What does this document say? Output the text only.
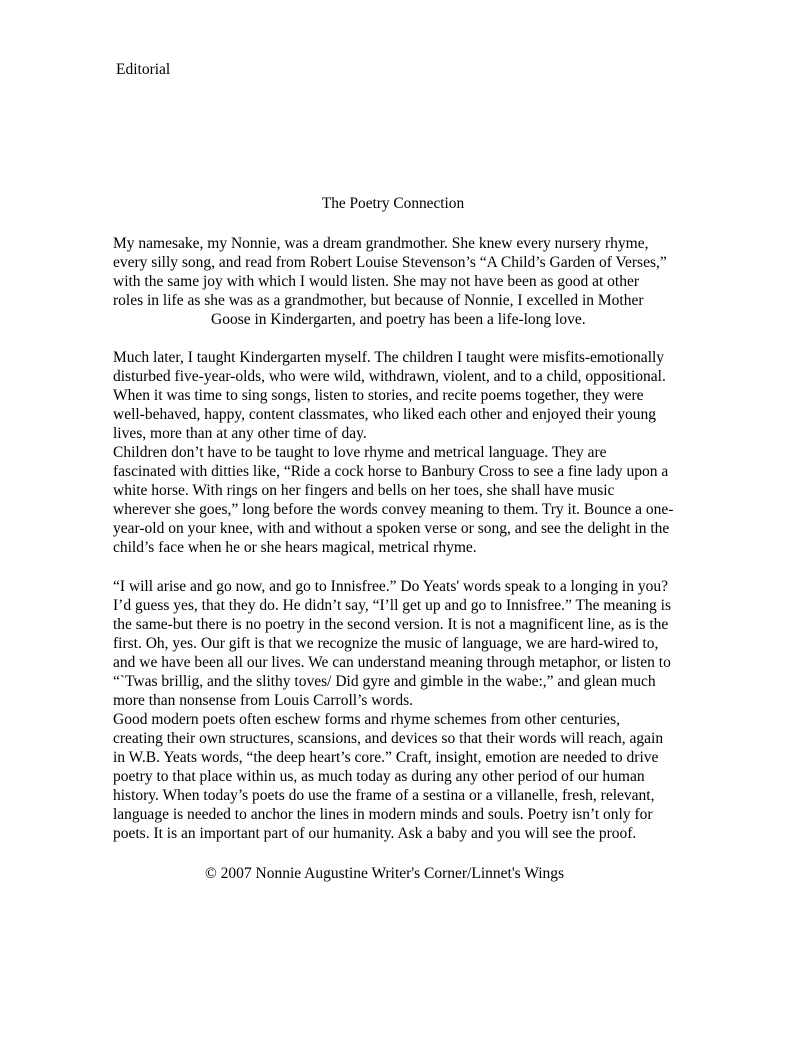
Editorial
The Poetry Connection
My namesake, my Nonnie, was a dream grandmother. She knew every nursery rhyme,
every silly song, and read from Robert Louise Stevenson’s “A Child’s Garden of Verses,”
with the same joy with which I would listen. She may not have been as good at other
roles in life as she was as a grandmother, but because of Nonnie, I excelled in Mother
Goose in Kindergarten, and poetry has been a life-long love.
Much later, I taught Kindergarten myself. The children I taught were misfits-emotionally
disturbed five-year-olds, who were wild, withdrawn, violent, and to a child, oppositional.
When it was time to sing songs, listen to stories, and recite poems together, they were
well-behaved, happy, content classmates, who liked each other and enjoyed their young
lives, more than at any other time of day.
Children don’t have to be taught to love rhyme and metrical language. They are
fascinated with ditties like, “Ride a cock horse to Banbury Cross to see a fine lady upon a
white horse. With rings on her fingers and bells on her toes, she shall have music
wherever she goes,” long before the words convey meaning to them. Try it. Bounce a one-
year-old on your knee, with and without a spoken verse or song, and see the delight in the
child’s face when he or she hears magical, metrical rhyme.
“I will arise and go now, and go to Innisfree.” Do Yeats' words speak to a longing in you?
I’d guess yes, that they do. He didn’t say, “I’ll get up and go to Innisfree.” The meaning is
the same-but there is no poetry in the second version. It is not a magnificent line, as is the
first. Oh, yes. Our gift is that we recognize the music of language, we are hard-wired to,
and we have been all our lives. We can understand meaning through metaphor, or listen to
“`Twas brillig, and the slithy toves/ Did gyre and gimble in the wabe:,” and glean much
more than nonsense from Louis Carroll’s words.
Good modern poets often eschew forms and rhyme schemes from other centuries,
creating their own structures, scansions, and devices so that their words will reach, again
in W.B. Yeats words, “the deep heart’s core.” Craft, insight, emotion are needed to drive
poetry to that place within us, as much today as during any other period of our human
history. When today’s poets do use the frame of a sestina or a villanelle, fresh, relevant,
language is needed to anchor the lines in modern minds and souls. Poetry isn’t only for
poets. It is an important part of our humanity. Ask a baby and you will see the proof.
© 2007 Nonnie Augustine Writer's Corner/Linnet's Wings
